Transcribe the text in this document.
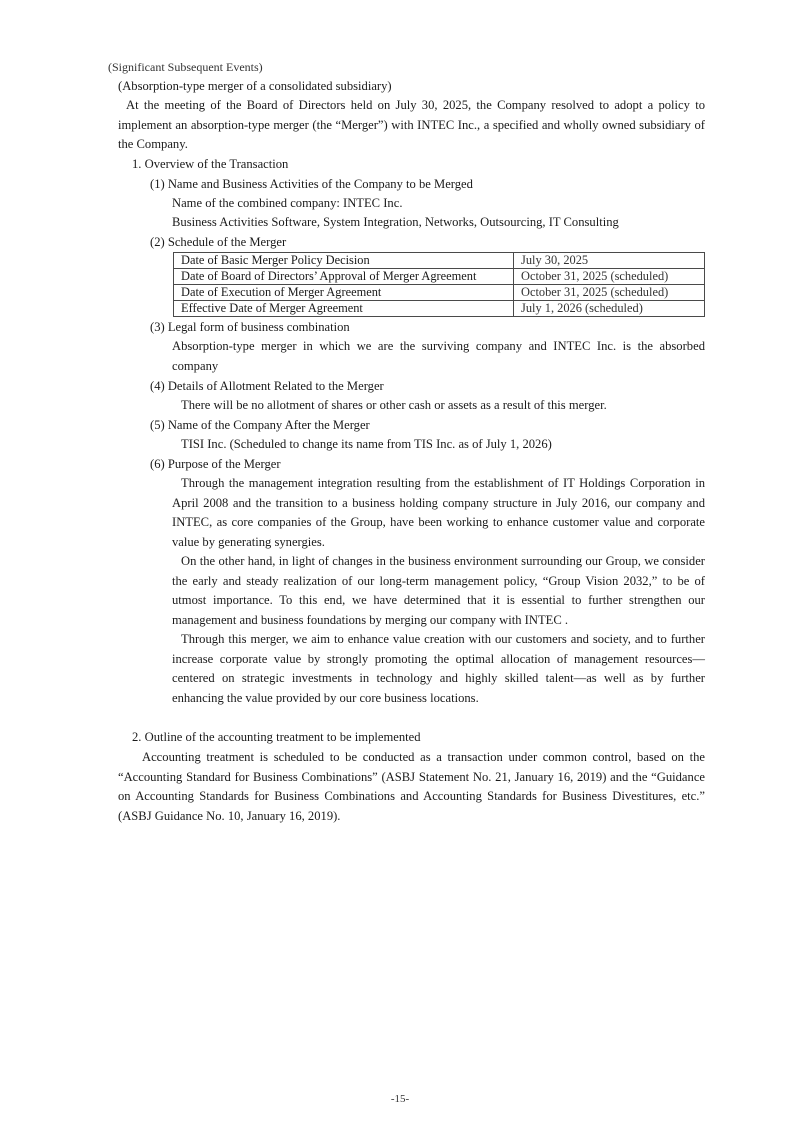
(Significant Subsequent Events)
(Absorption-type merger of a consolidated subsidiary)
At the meeting of the Board of Directors held on July 30, 2025, the Company resolved to adopt a policy to implement an absorption-type merger (the “Merger”) with INTEC Inc., a specified and wholly owned subsidiary of the Company.
1. Overview of the Transaction
(1) Name and Business Activities of the Company to be Merged
Name of the combined company: INTEC Inc.
Business Activities Software, System Integration, Networks, Outsourcing, IT Consulting
(2) Schedule of the Merger
Date of Basic Merger Policy Decision	July 30, 2025
Date of Board of Directors’ Approval of Merger Agreement	October 31, 2025 (scheduled)
Date of Execution of Merger Agreement	October 31, 2025 (scheduled)
Effective Date of Merger Agreement	July 1, 2026 (scheduled)
(3) Legal form of business combination
Absorption-type merger in which we are the surviving company and INTEC Inc. is the absorbed company
(4) Details of Allotment Related to the Merger
There will be no allotment of shares or other cash or assets as a result of this merger.
(5) Name of the Company After the Merger
TISI Inc. (Scheduled to change its name from TIS Inc. as of July 1, 2026)
(6) Purpose of the Merger
Through the management integration resulting from the establishment of IT Holdings Corporation in April 2008 and the transition to a business holding company structure in July 2016, our company and INTEC, as core companies of the Group, have been working to enhance customer value and corporate value by generating synergies.
On the other hand, in light of changes in the business environment surrounding our Group, we consider the early and steady realization of our long-term management policy, “Group Vision 2032,” to be of utmost importance. To this end, we have determined that it is essential to further strengthen our management and business foundations by merging our company with INTEC .
Through this merger, we aim to enhance value creation with our customers and society, and to further increase corporate value by strongly promoting the optimal allocation of management resources—centered on strategic investments in technology and highly skilled talent—as well as by further enhancing the value provided by our core business locations.
2. Outline of the accounting treatment to be implemented
Accounting treatment is scheduled to be conducted as a transaction under common control, based on the “Accounting Standard for Business Combinations” (ASBJ Statement No. 21, January 16, 2019) and the “Guidance on Accounting Standards for Business Combinations and Accounting Standards for Business Divestitures, etc.” (ASBJ Guidance No. 10, January 16, 2019).
-15-
